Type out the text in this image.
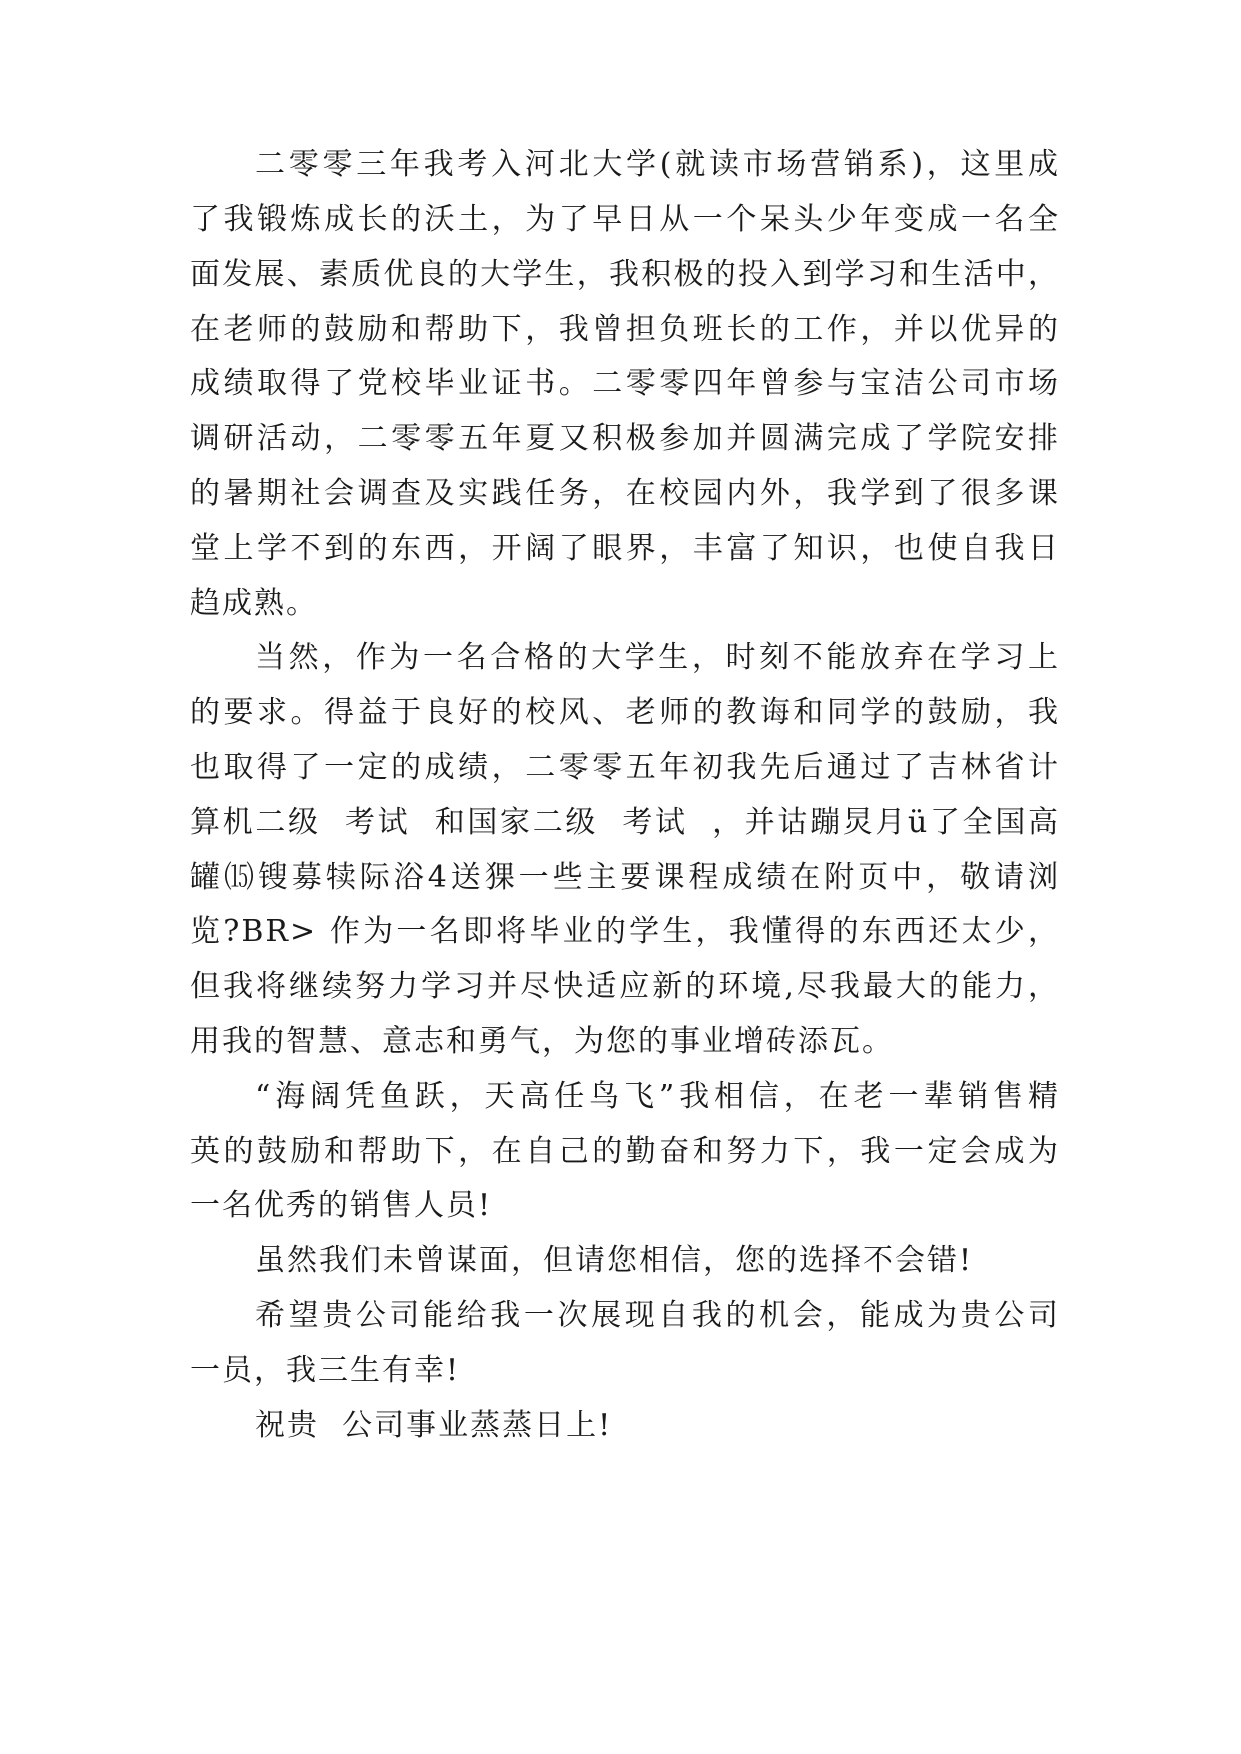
二零零三年我考入河北大学(就读市场营销系)，这里成
了我锻炼成长的沃土，为了早日从一个呆头少年变成一名全
面发展、素质优良的大学生，我积极的投入到学习和生活中，
在老师的鼓励和帮助下，我曾担负班长的工作，并以优异的
成绩取得了党校毕业证书。二零零四年曾参与宝洁公司市场
调研活动，二零零五年夏又积极参加并圆满完成了学院安排
的暑期社会调查及实践任务，在校园内外，我学到了很多课
堂上学不到的东西，开阔了眼界，丰富了知识，也使自我日
趋成熟。
当然，作为一名合格的大学生，时刻不能放弃在学习上
的要求。得益于良好的校风、老师的教诲和同学的鼓励，我
也取得了一定的成绩，二零零五年初我先后通过了吉林省计
算机二级  考试  和国家二级  考试  ，并诂蹦炅月ü了全国高
罐⒂锼募犊际浴4送猓一些主要课程成绩在附页中，敬请浏
览?BR> 作为一名即将毕业的学生，我懂得的东西还太少，
但我将继续努力学习并尽快适应新的环境,尽我最大的能力，
用我的智慧、意志和勇气，为您的事业增砖添瓦。
“海阔凭鱼跃，天高任鸟飞”我相信，在老一辈销售精
英的鼓励和帮助下，在自己的勤奋和努力下，我一定会成为
一名优秀的销售人员!
虽然我们未曾谋面，但请您相信，您的选择不会错!
希望贵公司能给我一次展现自我的机会，能成为贵公司
一员，我三生有幸!
祝贵  公司事业蒸蒸日上!
